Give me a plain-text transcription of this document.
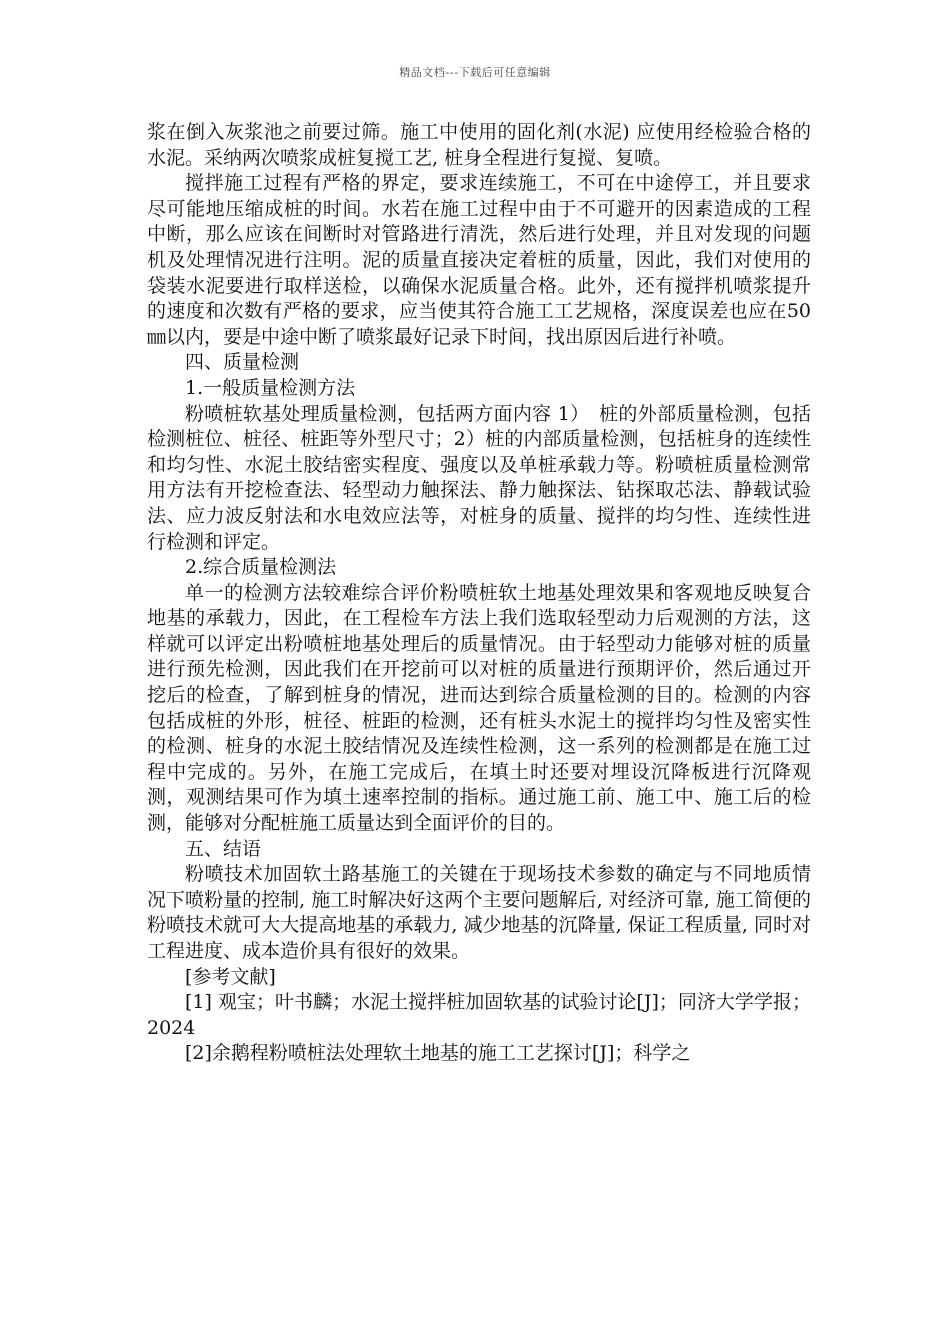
精品文档---下载后可任意编辑

浆在倒入灰浆池之前要过筛。施工中使用的固化剂(水泥) 应使用经检验合格的水泥。采纳两次喷浆成桩复搅工艺, 桩身全程进行复搅、复喷。

搅拌施工过程有严格的界定，要求连续施工，不可在中途停工，并且要求尽可能地压缩成桩的时间。水若在施工过程中由于不可避开的因素造成的工程中断，那么应该在间断时对管路进行清洗，然后进行处理，并且对发现的问题机及处理情况进行注明。泥的质量直接决定着桩的质量，因此，我们对使用的袋装水泥要进行取样送检，以确保水泥质量合格。此外，还有搅拌机喷浆提升的速度和次数有严格的要求，应当使其符合施工工艺规格，深度误差也应在50㎜以内，要是中途中断了喷浆最好记录下时间，找出原因后进行补喷。

四、质量检测

1.一般质量检测方法

粉喷桩软基处理质量检测，包括两方面内容 1）　桩的外部质量检测，包括检测桩位、桩径、桩距等外型尺寸；2）桩的内部质量检测，包括桩身的连续性和均匀性、水泥土胶结密实程度、强度以及单桩承载力等。粉喷桩质量检测常用方法有开挖检查法、轻型动力触探法、静力触探法、钻探取芯法、静载试验法、应力波反射法和水电效应法等，对桩身的质量、搅拌的均匀性、连续性进行检测和评定。

2.综合质量检测法

单一的检测方法较难综合评价粉喷桩软土地基处理效果和客观地反映复合地基的承载力，因此，在工程检车方法上我们选取轻型动力后观测的方法，这样就可以评定出粉喷桩地基处理后的质量情况。由于轻型动力能够对桩的质量进行预先检测，因此我们在开挖前可以对桩的质量进行预期评价，然后通过开挖后的检查，了解到桩身的情况，进而达到综合质量检测的目的。检测的内容包括成桩的外形，桩径、桩距的检测，还有桩头水泥土的搅拌均匀性及密实性的检测、桩身的水泥土胶结情况及连续性检测，这一系列的检测都是在施工过程中完成的。另外，在施工完成后，在填土时还要对埋设沉降板进行沉降观测，观测结果可作为填土速率控制的指标。通过施工前、施工中、施工后的检测，能够对分配桩施工质量达到全面评价的目的。

五、结语

粉喷技术加固软土路基施工的关键在于现场技术参数的确定与不同地质情况下喷粉量的控制, 施工时解决好这两个主要问题解后, 对经济可靠, 施工简便的粉喷技术就可大大提高地基的承载力, 减少地基的沉降量, 保证工程质量, 同时对工程进度、成本造价具有很好的效果。

[参考文献]

[1] 观宝；叶书麟；水泥土搅拌桩加固软基的试验讨论[J]；同济大学学报；2024

[2]余鹅程粉喷桩法处理软土地基的施工工艺探讨[J]；科学之
